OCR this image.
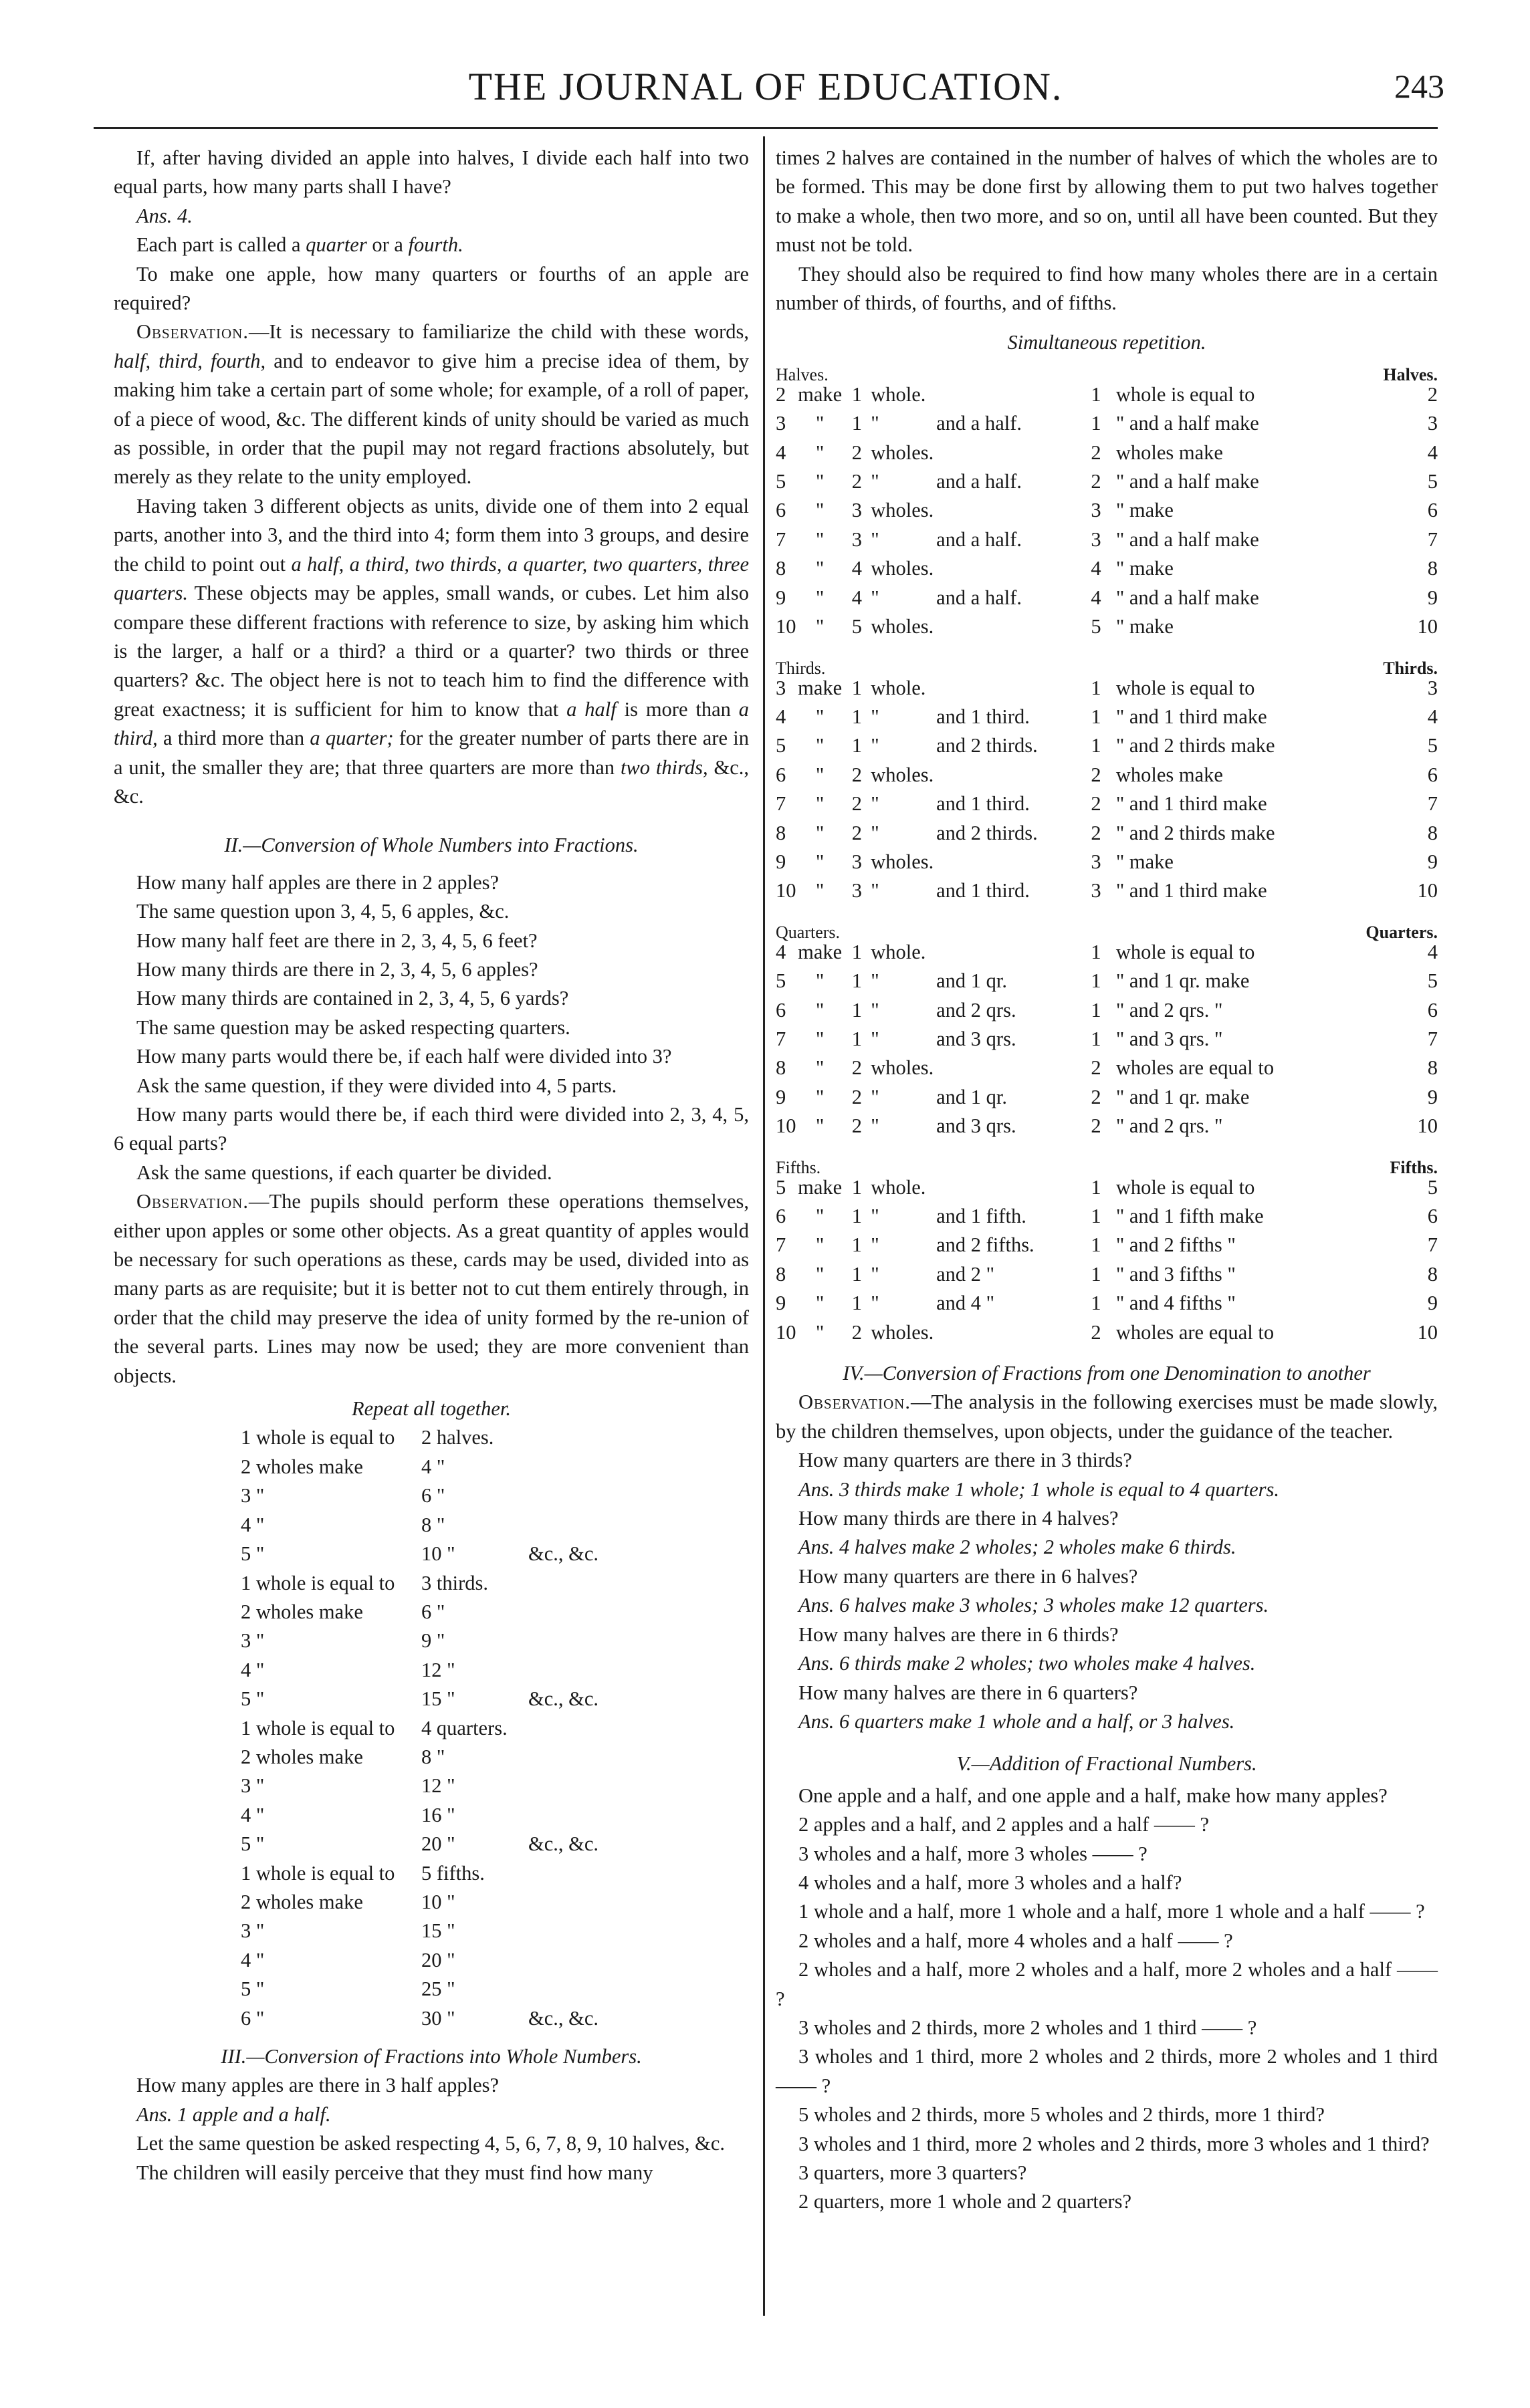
THE JOURNAL OF EDUCATION.	243

If, after having divided an apple into halves, I divide each half into two equal parts, how many parts shall I have?

Ans. 4.

Each part is called a quarter or a fourth.

To make one apple, how many quarters or fourths of an apple are required?

Observation.—It is necessary to familiarize the child with these words, half, third, fourth, and to endeavor to give him a precise idea of them, by making him take a certain part of some whole; for example, of a roll of paper, of a piece of wood, &c. The different kinds of unity should be varied as much as possible, in order that the pupil may not regard fractions absolutely, but merely as they relate to the unity employed.

Having taken 3 different objects as units, divide one of them into 2 equal parts, another into 3, and the third into 4; form them into 3 groups, and desire the child to point out a half, a third, two thirds, a quarter, two quarters, three quarters. These objects may be apples, small wands, or cubes. Let him also compare these different fractions with reference to size, by asking him which is the larger, a half or a third? a third or a quarter? two thirds or three quarters? &c. The object here is not to teach him to find the difference with great exactness; it is sufficient for him to know that a half is more than a third, a third more than a quarter; for the greater number of parts there are in a unit, the smaller they are; that three quarters are more than two thirds, &c., &c.

II.—Conversion of Whole Numbers into Fractions.

How many half apples are there in 2 apples?

The same question upon 3, 4, 5, 6 apples, &c.

How many half feet are there in 2, 3, 4, 5, 6 feet?

How many thirds are there in 2, 3, 4, 5, 6 apples?

How many thirds are contained in 2, 3, 4, 5, 6 yards?

The same question may be asked respecting quarters.

How many parts would there be, if each half were divided into 3?

Ask the same question, if they were divided into 4, 5 parts.

How many parts would there be, if each third were divided into 2, 3, 4, 5, 6 equal parts?

Ask the same questions, if each quarter be divided.

Observation.—The pupils should perform these operations themselves, either upon apples or some other objects. As a great quantity of apples would be necessary for such operations as these, cards may be used, divided into as many parts as are requisite; but it is better not to cut them entirely through, in order that the child may preserve the idea of unity formed by the re-union of the several parts. Lines may now be used; they are more convenient than objects.

Repeat all together.

1 whole is equal to	2 halves.	
2 wholes make	4 "	
3 "	6 "	
4 "	8 "	
5 "	10 "	&c., &c.
1 whole is equal to	3 thirds.	
2 wholes make	6 "	
3 "	9 "	
4 "	12 "	
5 "	15 "	&c., &c.
1 whole is equal to	4 quarters.	
2 wholes make	8 "	
3 "	12 "	
4 "	16 "	
5 "	20 "	&c., &c.
1 whole is equal to	5 fifths.	
2 wholes make	10 "	
3 "	15 "	
4 "	20 "	
5 "	25 "	
6 "	30 "	&c., &c.

III.—Conversion of Fractions into Whole Numbers.

How many apples are there in 3 half apples?

Ans. 1 apple and a half.

Let the same question be asked respecting 4, 5, 6, 7, 8, 9, 10 halves, &c.

The children will easily perceive that they must find how many

times 2 halves are contained in the number of halves of which the wholes are to be formed. This may be done first by allowing them to put two halves together to make a whole, then two more, and so on, until all have been counted. But they must not be told.

They should also be required to find how many wholes there are in a certain number of thirds, of fourths, and of fifths.

Simultaneous repetition.

Halves.	Halves.
2	make	1	whole.		1	whole is equal to	2
3	"	1	"	and a half.	1	" and a half make	3
4	"	2	wholes.		2	wholes make	4
5	"	2	"	and a half.	2	" and a half make	5
6	"	3	wholes.		3	" make	6
7	"	3	"	and a half.	3	" and a half make	7
8	"	4	wholes.		4	" make	8
9	"	4	"	and a half.	4	" and a half make	9
10	"	5	wholes.		5	" make	10
Thirds.	Thirds.
3	make	1	whole.		1	whole is equal to	3
4	"	1	"	and 1 third.	1	" and 1 third make	4
5	"	1	"	and 2 thirds.	1	" and 2 thirds make	5
6	"	2	wholes.		2	wholes make	6
7	"	2	"	and 1 third.	2	" and 1 third make	7
8	"	2	"	and 2 thirds.	2	" and 2 thirds make	8
9	"	3	wholes.		3	" make	9
10	"	3	"	and 1 third.	3	" and 1 third make	10
Quarters.	Quarters.
4	make	1	whole.		1	whole is equal to	4
5	"	1	"	and 1 qr.	1	" and 1 qr. make	5
6	"	1	"	and 2 qrs.	1	" and 2 qrs. "	6
7	"	1	"	and 3 qrs.	1	" and 3 qrs. "	7
8	"	2	wholes.		2	wholes are equal to	8
9	"	2	"	and 1 qr.	2	" and 1 qr. make	9
10	"	2	"	and 3 qrs.	2	" and 2 qrs. "	10
Fifths.	Fifths.
5	make	1	whole.		1	whole is equal to	5
6	"	1	"	and 1 fifth.	1	" and 1 fifth make	6
7	"	1	"	and 2 fifths.	1	" and 2 fifths "	7
8	"	1	"	and 2 "	1	" and 3 fifths "	8
9	"	1	"	and 4 "	1	" and 4 fifths "	9
10	"	2	wholes.		2	wholes are equal to	10

IV.—Conversion of Fractions from one Denomination to another

Observation.—The analysis in the following exercises must be made slowly, by the children themselves, upon objects, under the guidance of the teacher.

How many quarters are there in 3 thirds?

Ans. 3 thirds make 1 whole; 1 whole is equal to 4 quarters.

How many thirds are there in 4 halves?

Ans. 4 halves make 2 wholes; 2 wholes make 6 thirds.

How many quarters are there in 6 halves?

Ans. 6 halves make 3 wholes; 3 wholes make 12 quarters.

How many halves are there in 6 thirds?

Ans. 6 thirds make 2 wholes; two wholes make 4 halves.

How many halves are there in 6 quarters?

Ans. 6 quarters make 1 whole and a half, or 3 halves.

V.—Addition of Fractional Numbers.

One apple and a half, and one apple and a half, make how many apples?

2 apples and a half, and 2 apples and a half —— ?

3 wholes and a half, more 3 wholes —— ?

4 wholes and a half, more 3 wholes and a half?

1 whole and a half, more 1 whole and a half, more 1 whole and a half —— ?

2 wholes and a half, more 4 wholes and a half —— ?

2 wholes and a half, more 2 wholes and a half, more 2 wholes and a half —— ?

3 wholes and 2 thirds, more 2 wholes and 1 third —— ?

3 wholes and 1 third, more 2 wholes and 2 thirds, more 2 wholes and 1 third —— ?

5 wholes and 2 thirds, more 5 wholes and 2 thirds, more 1 third?

3 wholes and 1 third, more 2 wholes and 2 thirds, more 3 wholes and 1 third?

3 quarters, more 3 quarters?

2 quarters, more 1 whole and 2 quarters?
